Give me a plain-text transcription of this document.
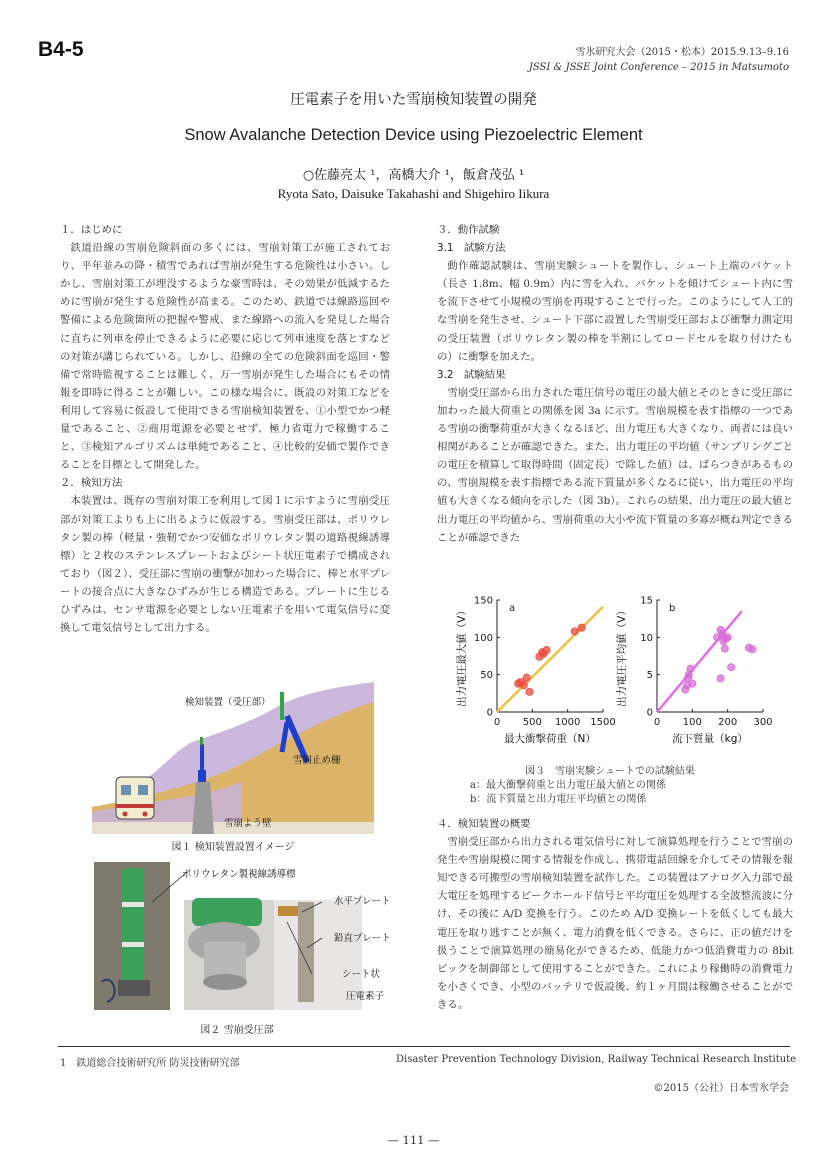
B4-5	雪氷研究大会（2015・松本）2015.9.13–9.16
JSSI & JSSE Joint Conference – 2015 in Matsumoto
圧電素子を用いた雪崩検知装置の開発
Snow Avalanche Detection Device using Piezoelectric Element
○佐藤亮太 ¹，高橋大介 ¹，飯倉茂弘 ¹
Ryota Sato, Daisuke Takahashi and Shigehiro Iikura
１．はじめに

鉄道沿線の雪崩危険斜面の多くには、雪崩対策工が施工されており、平年並みの降・積雪であれば雪崩が発生する危険性は小さい。しかし、雪崩対策工が埋没するような豪雪時は、その効果が低減するために雪崩が発生する危険性が高まる。このため、鉄道では線路巡回や警備による危険箇所の把握や警戒、また線路への流入を発見した場合に直ちに列車を停止できるように必要に応じて列車速度を落とすなどの対策が講じられている。しかし、沿線の全ての危険斜面を巡回・警備で常時監視することは難しく、万一雪崩が発生した場合にもその情報を即時に得ることが難しい。この様な場合に、既設の対策工などを利用して容易に仮設して使用できる雪崩検知装置を、①小型でかつ軽量であること、②商用電源を必要とせず、極力省電力で稼働すること、③検知アルゴリズムは単純であること、④比較的安価で製作できることを目標として開発した。

２．検知方法

本装置は、既存の雪崩対策工を利用して図１に示すように雪崩受圧部が対策工よりも上に出るように仮設する。雪崩受圧部は、ポリウレタン製の棒（軽量・強靭でかつ安価なポリウレタン製の道路視線誘導標）と２枚のステンレスプレートおよびシート状圧電素子で構成されており（図２）、受圧部に雪崩の衝撃が加わった場合に、棒と水平プレートの接合点に大きなひずみが生じる構造である。プレートに生じるひずみは、センサ電源を必要としない圧電素子を用いて電気信号に変換して電気信号として出力する。

検知装置（受圧部）
雪崩止め柵
雪崩よう壁
図１ 検知装置設置イメージ
ポリウレタン製視線誘導標
水平プレート
鉛直プレート
シート状
圧電素子
図２ 雪崩受圧部
３．動作試験
3.1　試験方法

動作確認試験は、雪崩実験シュートを製作し、シュート上端のバケット（長さ 1.8m、幅 0.9m）内に雪を入れ、バケットを傾けてシュート内に雪を流下させて小規模の雪崩を再現することで行った。このようにして人工的な雪崩を発生させ、シュート下部に設置した雪崩受圧部および衝撃力測定用の受圧装置（ポリウレタン製の棒を半割にしてロードセルを取り付けたもの）に衝撃を加えた。

3.2　試験結果

雪崩受圧部から出力された電圧信号の電圧の最大値とそのときに受圧部に加わった最大荷重との関係を図 3a に示す。雪崩規模を表す指標の一つである雪崩の衝撃荷重が大きくなるほど、出力電圧も大きくなり、両者には良い相関があることが確認できた。また、出力電圧の平均値（サンプリングごとの電圧を積算して取得時間（固定長）で除した値）は、ばらつきがあるものの、雪崩規模を表す指標である流下質量が多くなるに従い、出力電圧の平均値も大きくなる傾向を示した（図 3b）。これらの結果、出力電圧の最大値と出力電圧の平均値から、雪崩荷重の大小や流下質量の多寡が概ね判定できることが確認できた

0 500 1000 1500
0
50
100
150
a
最大衝撃荷重（N）
出力電圧最大値（V）
0 100 200 300
0
5
10
15
b
流下質量（kg）
出力電圧平均値（V）
図３　雪崩実験シュートでの試験結果
a：最大衝撃荷重と出力電圧最大値との関係
b：流下質量と出力電圧平均値との関係
４．検知装置の概要

雪崩受圧部から出力される電気信号に対して演算処理を行うことで雪崩の発生や雪崩規模に関する情報を作成し、携帯電話回線を介してその情報を報知できる可搬型の雪崩検知装置を試作した。この装置はアナログ入力部で最大電圧を処理するピークホールド信号と平均電圧を処理する全波整流波に分け、その後に A/D 変換を行う。このため A/D 変換レートを低くしても最大電圧を取り逃すことが無く、電力消費を低くできる。さらに、正の値だけを扱うことで演算処理の簡易化ができるため、低能力かつ低消費電力の 8bit ピックを制御部として使用することができた。これにより稼働時の消費電力を小さくでき、小型のバッテリで仮設後、約１ヶ月間は稼働させることができる。

1　鉄道総合技術研究所 防災技術研究部	Disaster Prevention Technology Division, Railway Technical Research Institute
©2015（公社）日本雪氷学会
— 111 —
